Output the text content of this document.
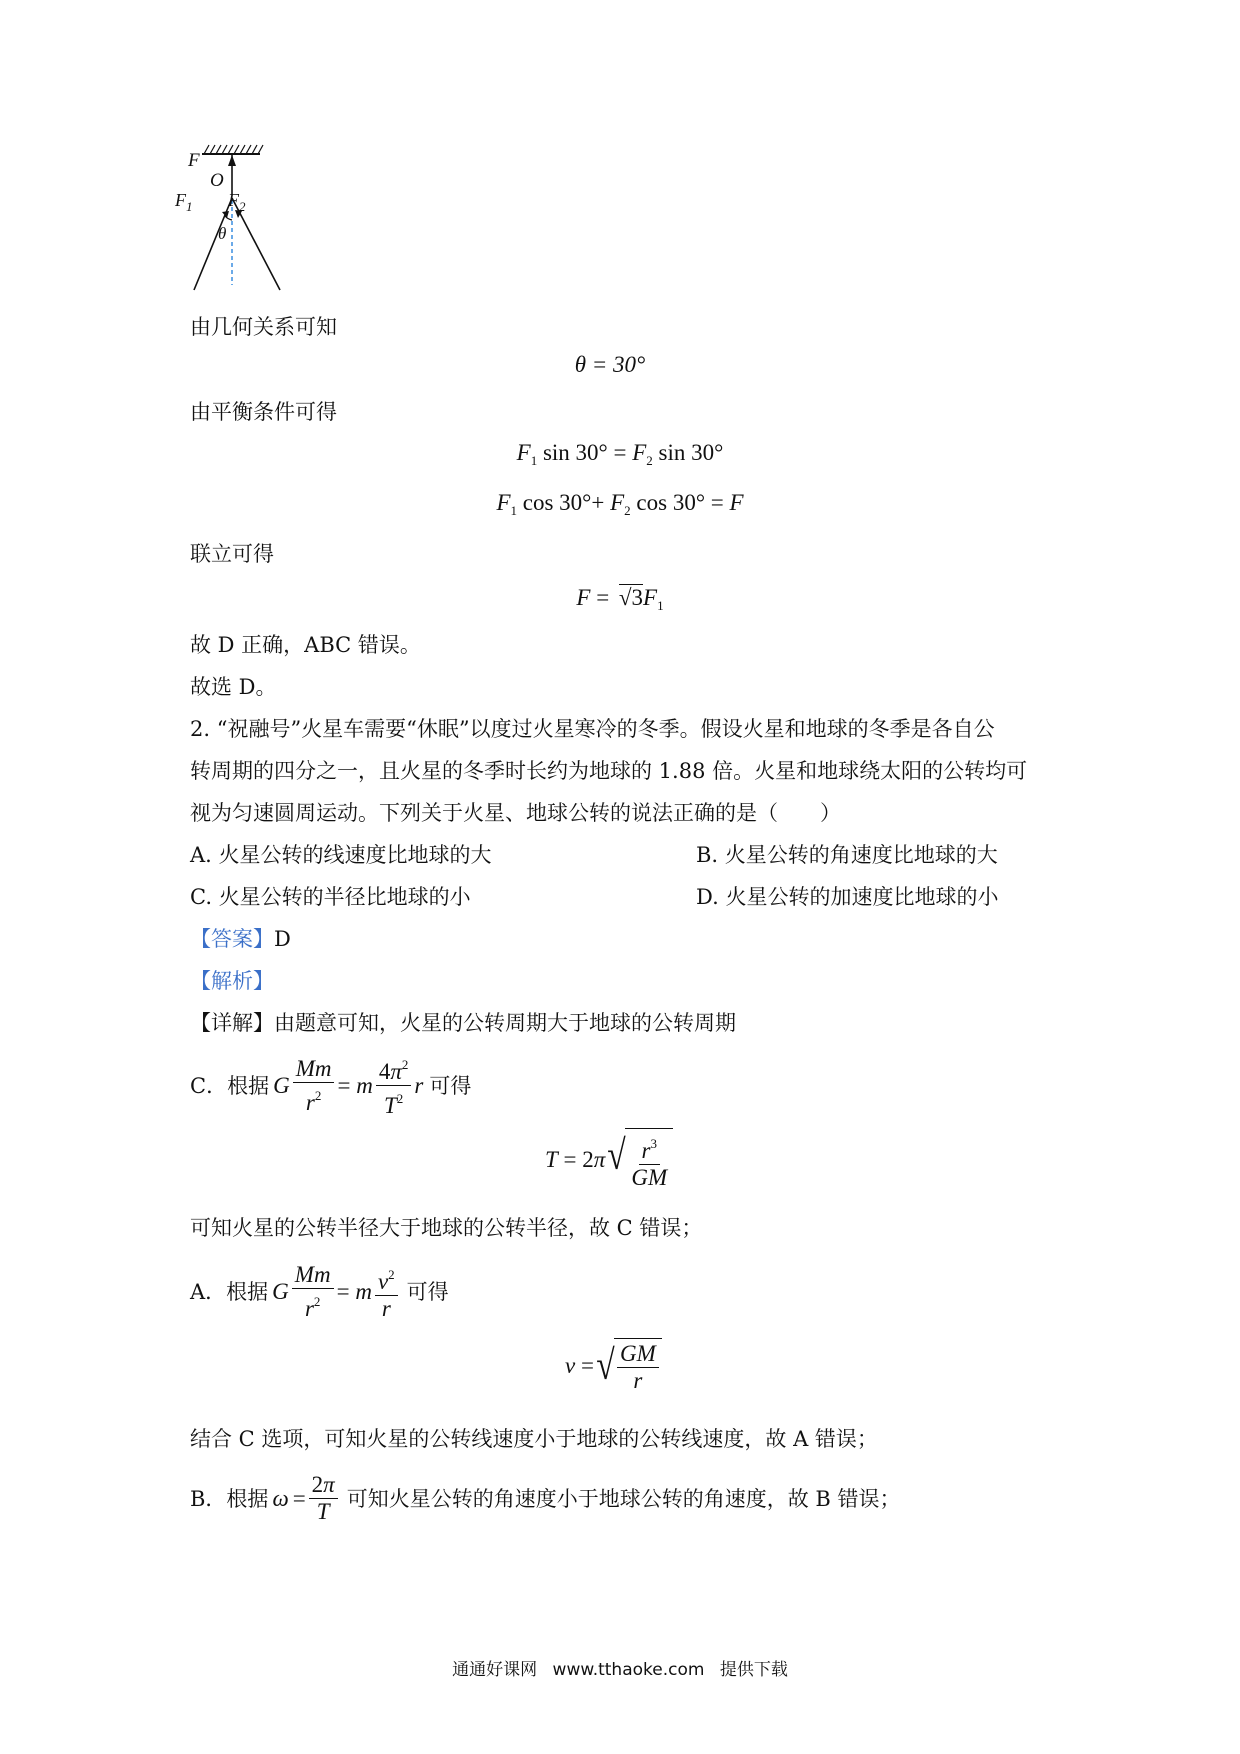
F
O
$F_1$ $F_2$
θ
由几何关系可知
θ = 30°
由平衡条件可得
$F_1$ $\sin 30^\circ = F_2$ sin 30°
$F_1$ $\cos 30^\circ+ F_2$ cos 30° = F
联立可得
$F = √3F_1$
故 D 正确，ABC 错误。
故选 D。
2. “祝融号”火星车需要“休眠”以度过火星寒冷的冬季。假设火星和地球的冬季是各自公
转周期的四分之一，且火星的冬季时长约为地球的 1.88 倍。火星和地球绕太阳的公转均可
视为匀速圆周运动。下列关于火星、地球公转的说法正确的是（　　）
A. 火星公转的线速度比地球的大	B. 火星公转的角速度比地球的大
C. 火星公转的半径比地球的小	D. 火星公转的加速度比地球的小
【答案】D
【解析】
【详解】由题意可知，火星的公转周期大于地球的公转周期
C．根据 G $\frac{Mm}{r^2} = m \frac{4\pi^2}{T^2}$ r 可得
T = 2π √ $\frac{r^3}{GM}$
可知火星的公转半径大于地球的公转半径，故 C 错误；
A．根据 G $\frac{Mm}{r^2} = m \frac{v^2}{r}$ 可得
v = √ $\frac{GM}{r}$
结合 C 选项，可知火星的公转线速度小于地球的公转线速度，故 A 错误；
B．根据 $\omega = \frac{2\pi}{T}$ 可知火星公转的角速度小于地球公转的角速度，故 B 错误；
通通好课网 www.tthaoke.com 提供下载
